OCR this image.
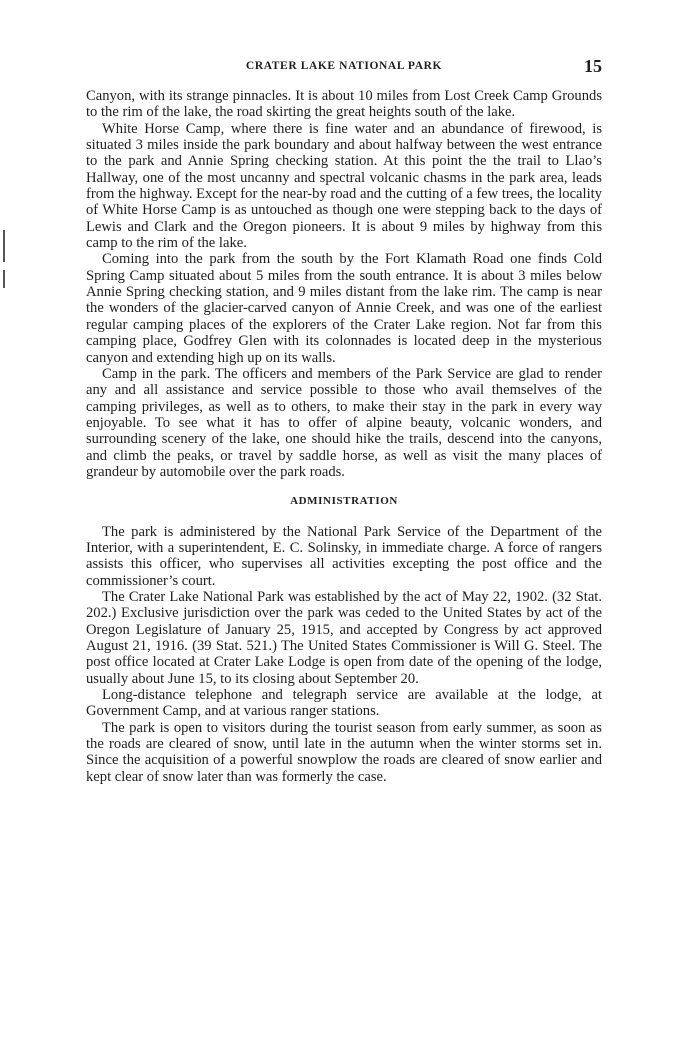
CRATER LAKE NATIONAL PARK	15

Canyon, with its strange pinnacles. It is about 10 miles from Lost Creek Camp Grounds to the rim of the lake, the road skirting the great heights south of the lake.

White Horse Camp, where there is fine water and an abundance of firewood, is situated 3 miles inside the park boundary and about halfway between the west entrance to the park and Annie Spring checking station. At this point the the trail to Llao’s Hallway, one of the most uncanny and spectral volcanic chasms in the park area, leads from the highway. Except for the near-by road and the cutting of a few trees, the locality of White Horse Camp is as untouched as though one were stepping back to the days of Lewis and Clark and the Oregon pioneers. It is about 9 miles by highway from this camp to the rim of the lake.

Coming into the park from the south by the Fort Klamath Road one finds Cold Spring Camp situated about 5 miles from the south entrance. It is about 3 miles below Annie Spring checking station, and 9 miles distant from the lake rim. The camp is near the wonders of the glacier-carved canyon of Annie Creek, and was one of the earliest regular camping places of the explorers of the Crater Lake region. Not far from this camping place, Godfrey Glen with its colonnades is located deep in the mysterious canyon and extending high up on its walls.

Camp in the park. The officers and members of the Park Service are glad to render any and all assistance and service possible to those who avail themselves of the camping privileges, as well as to others, to make their stay in the park in every way enjoyable. To see what it has to offer of alpine beauty, volcanic wonders, and surrounding scenery of the lake, one should hike the trails, descend into the canyons, and climb the peaks, or travel by saddle horse, as well as visit the many places of grandeur by automobile over the park roads.

ADMINISTRATION

The park is administered by the National Park Service of the Department of the Interior, with a superintendent, E. C. Solinsky, in immediate charge. A force of rangers assists this officer, who supervises all activities excepting the post office and the commissioner’s court.

The Crater Lake National Park was established by the act of May 22, 1902. (32 Stat. 202.) Exclusive jurisdiction over the park was ceded to the United States by act of the Oregon Legislature of January 25, 1915, and accepted by Congress by act approved August 21, 1916. (39 Stat. 521.) The United States Commissioner is Will G. Steel. The post office located at Crater Lake Lodge is open from date of the opening of the lodge, usually about June 15, to its closing about September 20.

Long-distance telephone and telegraph service are available at the lodge, at Government Camp, and at various ranger stations.

The park is open to visitors during the tourist season from early summer, as soon as the roads are cleared of snow, until late in the autumn when the winter storms set in. Since the acquisition of a powerful snowplow the roads are cleared of snow earlier and kept clear of snow later than was formerly the case.
